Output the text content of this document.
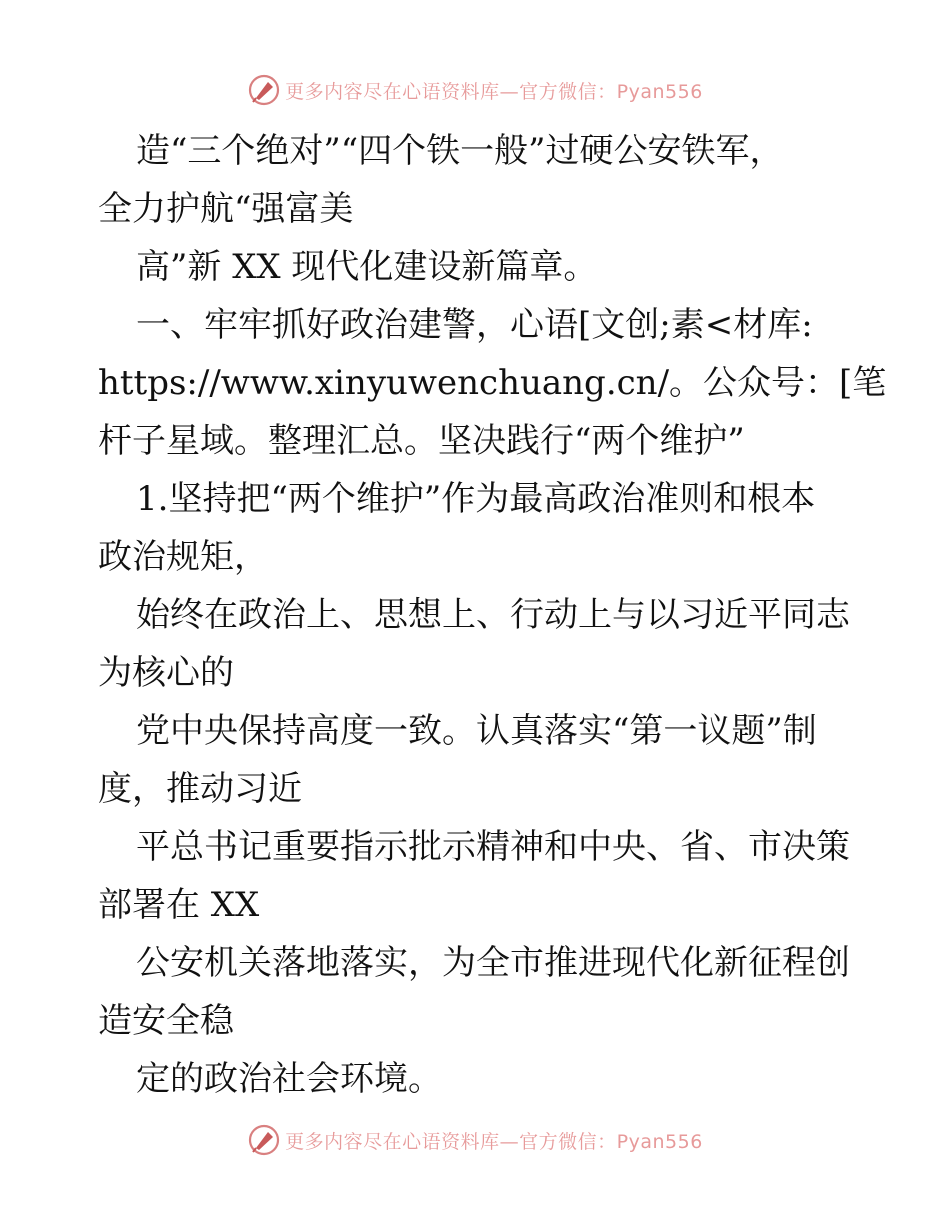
更多内容尽在心语资料库—官方微信：Pyan556
造“三个绝对”“四个铁一般”过硬公安铁军，
全力护航“强富美
高”新 XX 现代化建设新篇章。
一、牢牢抓好政治建警，心语[文创;素<材库:
https://www.xinyuwenchuang.cn/。公众号：[笔
杆子星域。整理汇总。坚决践行“两个维护”
1.坚持把“两个维护”作为最高政治准则和根本
政治规矩，
始终在政治上、思想上、行动上与以习近平同志
为核心的
党中央保持高度一致。认真落实“第一议题”制
度，推动习近
平总书记重要指示批示精神和中央、省、市决策
部署在 XX
公安机关落地落实，为全市推进现代化新征程创
造安全稳
定的政治社会环境。
更多内容尽在心语资料库—官方微信：Pyan556
